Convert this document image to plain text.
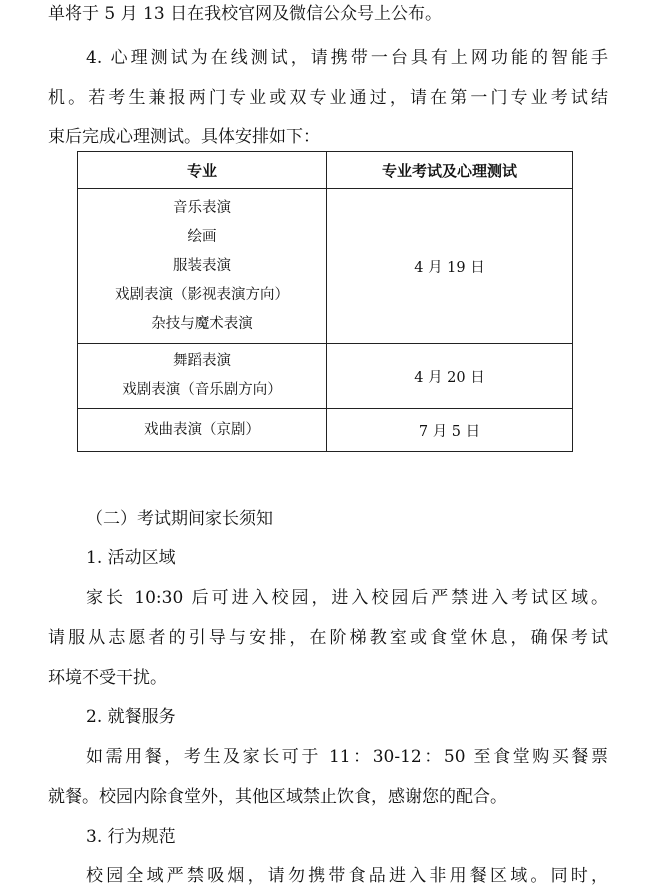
单将于 5 月 13 日在我校官网及微信公众号上公布。
4. 心理测试为在线测试，请携带一台具有上网功能的智能手
机。若考生兼报两门专业或双专业通过，请在第一门专业考试结
束后完成心理测试。具体安排如下：
专业	专业考试及心理测试

音乐表演
绘画
服装表演
戏剧表演（影视表演方向）
杂技与魔术表演	4 月 19 日

舞蹈表演
戏剧表演（音乐剧方向）	4 月 20 日

戏曲表演（京剧）	7 月 5 日
（二）考试期间家长须知
1. 活动区域
家长 10:30 后可进入校园，进入校园后严禁进入考试区域。
请服从志愿者的引导与安排，在阶梯教室或食堂休息，确保考试
环境不受干扰。
2. 就餐服务
如需用餐，考生及家长可于 11：30-12：50 至食堂购买餐票
就餐。校园内除食堂外，其他区域禁止饮食，感谢您的配合。
3. 行为规范
校园全域严禁吸烟，请勿携带食品进入非用餐区域。同时，
